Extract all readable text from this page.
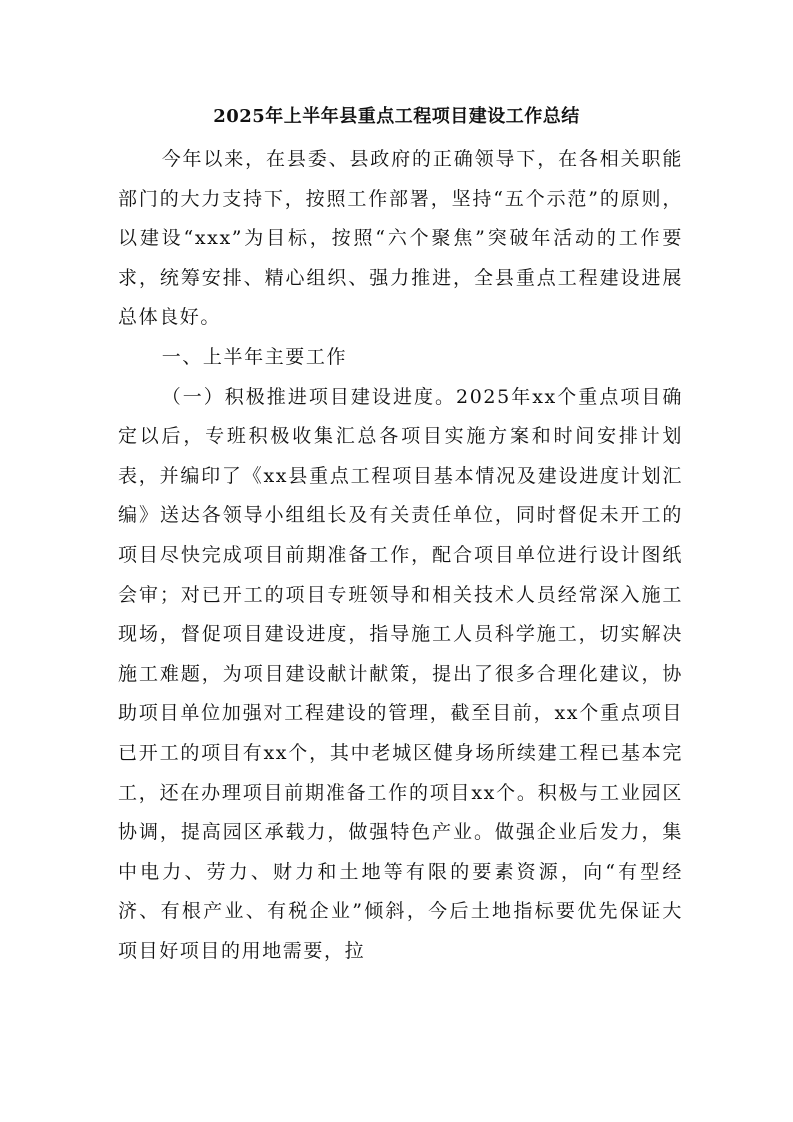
2025年上半年县重点工程项目建设工作总结

今年以来，在县委、县政府的正确领导下，在各相关职能部门的大力支持下，按照工作部署，坚持“五个示范”的原则，以建设“xxx”为目标，按照“六个聚焦”突破年活动的工作要求，统筹安排、精心组织、强力推进，全县重点工程建设进展总体良好。

一、上半年主要工作

（一）积极推进项目建设进度。2025年xx个重点项目确定以后，专班积极收集汇总各项目实施方案和时间安排计划表，并编印了《xx县重点工程项目基本情况及建设进度计划汇编》送达各领导小组组长及有关责任单位，同时督促未开工的项目尽快完成项目前期准备工作，配合项目单位进行设计图纸会审；对已开工的项目专班领导和相关技术人员经常深入施工现场，督促项目建设进度，指导施工人员科学施工，切实解决施工难题，为项目建设献计献策，提出了很多合理化建议，协助项目单位加强对工程建设的管理，截至目前，xx个重点项目已开工的项目有xx个，其中老城区健身场所续建工程已基本完工，还在办理项目前期准备工作的项目xx个。积极与工业园区协调，提高园区承载力，做强特色产业。做强企业后发力，集中电力、劳力、财力和土地等有限的要素资源，向“有型经济、有根产业、有税企业”倾斜，今后土地指标要优先保证大项目好项目的用地需要，拉
